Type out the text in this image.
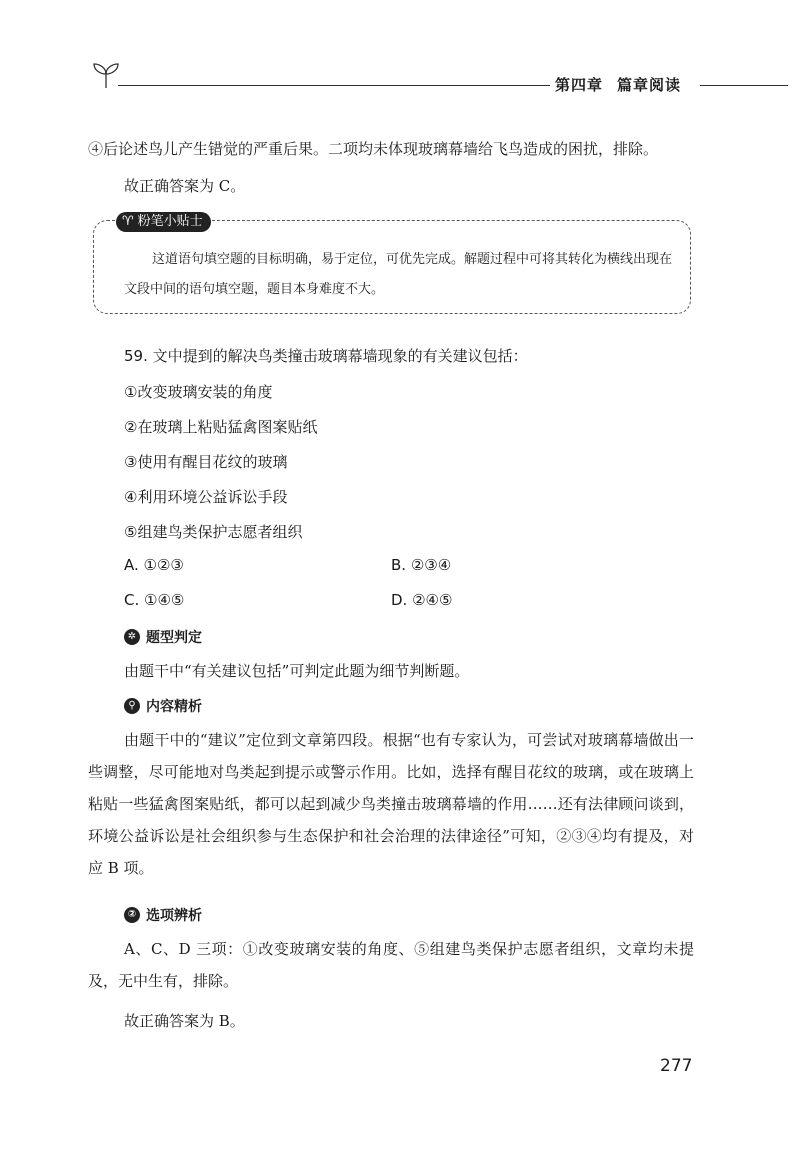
第四章 篇章阅读
④后论述鸟儿产生错觉的严重后果。二项均未体现玻璃幕墙给飞鸟造成的困扰，排除。
故正确答案为 C。
♈ 粉笔小贴士
这道语句填空题的目标明确，易于定位，可优先完成。解题过程中可将其转化为横线出现在文段中间的语句填空题，题目本身难度不大。
59. 文中提到的解决鸟类撞击玻璃幕墙现象的有关建议包括：
①改变玻璃安装的角度
②在玻璃上粘贴猛禽图案贴纸
③使用有醒目花纹的玻璃
④利用环境公益诉讼手段
⑤组建鸟类保护志愿者组织
A. ①②③	B. ②③④
C. ①④⑤	D. ②④⑤
✲ 题型判定
由题干中“有关建议包括”可判定此题为细节判断题。
⚲ 内容精析
由题干中的“建议”定位到文章第四段。根据“也有专家认为，可尝试对玻璃幕墙做出一些调整，尽可能地对鸟类起到提示或警示作用。比如，选择有醒目花纹的玻璃，或在玻璃上粘贴一些猛禽图案贴纸，都可以起到减少鸟类撞击玻璃幕墙的作用……还有法律顾问谈到，环境公益诉讼是社会组织参与生态保护和社会治理的法律途径”可知，②③④均有提及，对应 B 项。
② 选项辨析
A、C、D 三项：①改变玻璃安装的角度、⑤组建鸟类保护志愿者组织，文章均未提及，无中生有，排除。
故正确答案为 B。
277
